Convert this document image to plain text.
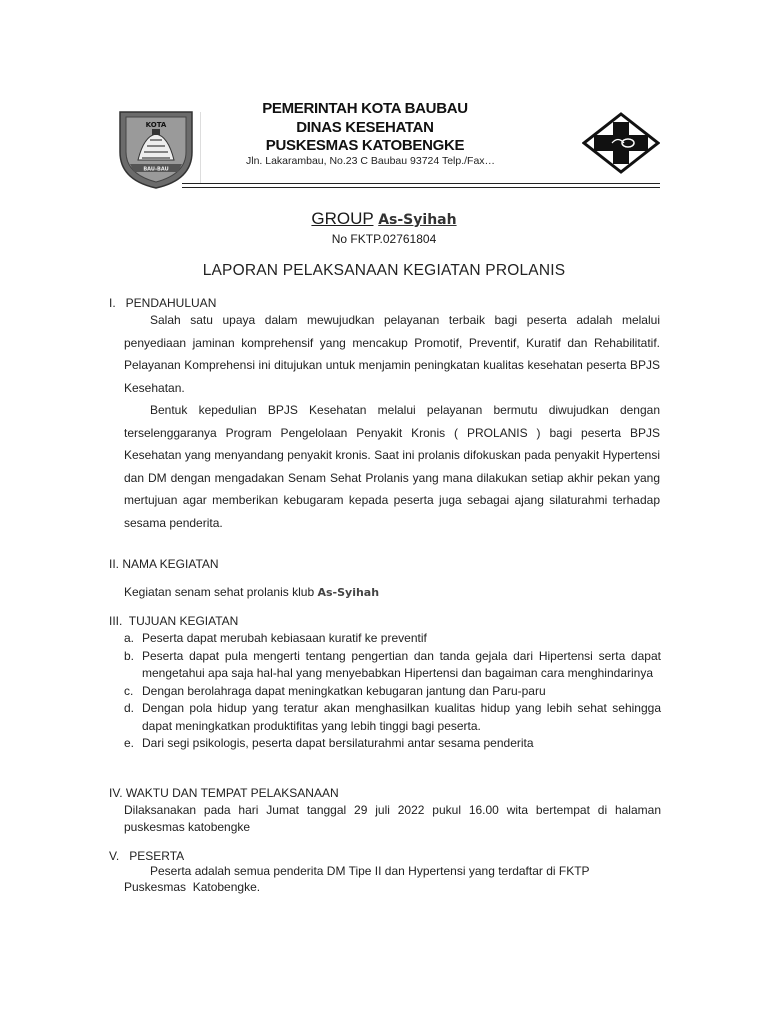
KOTA
BAU-BAU
PEMERINTAH KOTA BAUBAU
DINAS KESEHATAN
PUSKESMAS KATOBENGKE
Jln. Lakarambau, No.23 C Baubau 93724 Telp./Fax…
GROUP As-Syihah
No FKTP.02761804
LAPORAN PELAKSANAAN KEGIATAN PROLANIS
I.   PENDAHULUAN
Salah satu upaya dalam mewujudkan pelayanan terbaik bagi peserta adalah melalui penyediaan jaminan komprehensif yang mencakup Promotif, Preventif, Kuratif dan Rehabilitatif. Pelayanan Komprehensi ini ditujukan untuk menjamin peningkatan kualitas kesehatan peserta BPJS Kesehatan.
Bentuk kepedulian BPJS Kesehatan melalui pelayanan bermutu diwujudkan dengan terselenggaranya Program Pengelolaan Penyakit Kronis ( PROLANIS ) bagi peserta BPJS Kesehatan yang menyandang penyakit kronis. Saat ini prolanis difokuskan pada penyakit Hypertensi dan DM dengan mengadakan Senam Sehat Prolanis yang mana dilakukan setiap akhir pekan yang mertujuan agar memberikan kebugaram kepada peserta juga sebagai ajang silaturahmi terhadap sesama penderita.
II. NAMA KEGIATAN
Kegiatan senam sehat prolanis klub As-Syihah
III.  TUJUAN KEGIATAN
a. Peserta dapat merubah kebiasaan kuratif ke preventif
b. Peserta dapat pula mengerti tentang pengertian dan tanda gejala dari Hipertensi serta dapat mengetahui apa saja hal-hal yang menyebabkan Hipertensi dan bagaiman cara menghindarinya
c. Dengan berolahraga dapat meningkatkan kebugaran jantung dan Paru-paru
d. Dengan pola hidup yang teratur akan menghasilkan kualitas hidup yang lebih sehat sehingga dapat meningkatkan produktifitas yang lebih tinggi bagi peserta.
e. Dari segi psikologis, peserta dapat bersilaturahmi antar sesama penderita
IV. WAKTU DAN TEMPAT PELAKSANAAN
Dilaksanakan pada hari Jumat tanggal 29 juli 2022 pukul 16.00 wita bertempat di halaman puskesmas katobengke
V.   PESERTA
Peserta adalah semua penderita DM Tipe II dan Hypertensi yang terdaftar di FKTP
Puskesmas  Katobengke.
